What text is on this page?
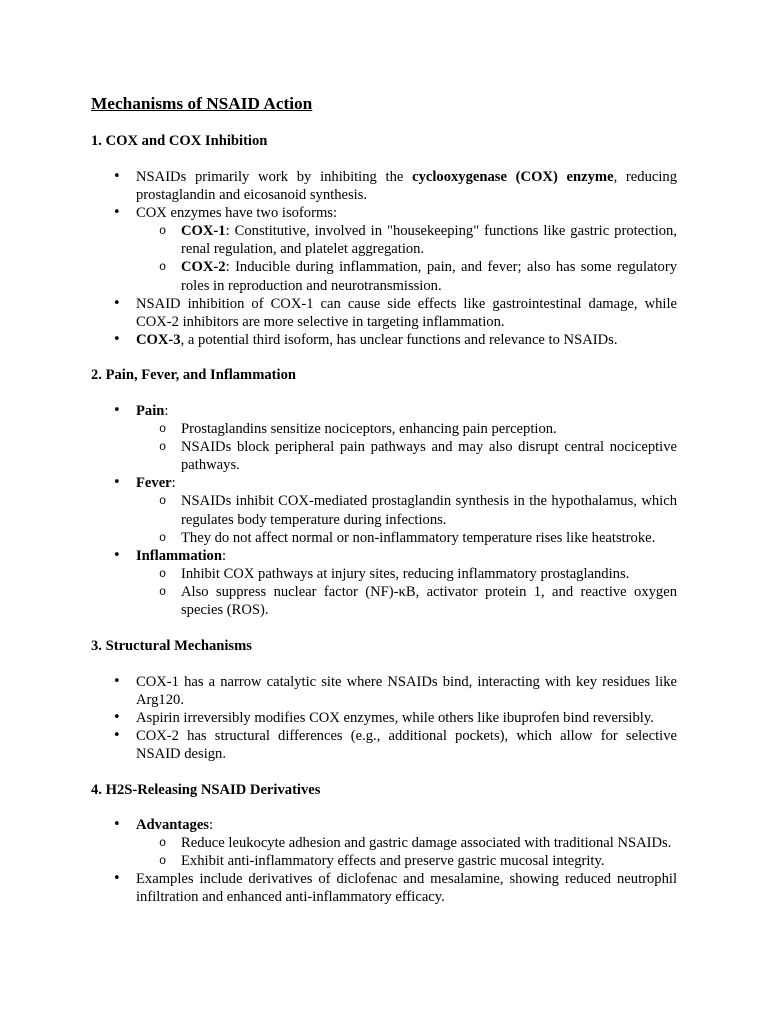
Mechanisms of NSAID Action
1. COX and COX Inhibition
• NSAIDs primarily work by inhibiting the cyclooxygenase (COX) enzyme, reducing prostaglandin and eicosanoid synthesis.
• COX enzymes have two isoforms:
o COX-1: Constitutive, involved in "housekeeping" functions like gastric protection, renal regulation, and platelet aggregation.
o COX-2: Inducible during inflammation, pain, and fever; also has some regulatory roles in reproduction and neurotransmission.
• NSAID inhibition of COX-1 can cause side effects like gastrointestinal damage, while COX-2 inhibitors are more selective in targeting inflammation.
• COX-3, a potential third isoform, has unclear functions and relevance to NSAIDs.
2. Pain, Fever, and Inflammation
• Pain:
o Prostaglandins sensitize nociceptors, enhancing pain perception.
o NSAIDs block peripheral pain pathways and may also disrupt central nociceptive pathways.
• Fever:
o NSAIDs inhibit COX-mediated prostaglandin synthesis in the hypothalamus, which regulates body temperature during infections.
o They do not affect normal or non-inflammatory temperature rises like heatstroke.
• Inflammation:
o Inhibit COX pathways at injury sites, reducing inflammatory prostaglandins.
o Also suppress nuclear factor (NF)-κB, activator protein 1, and reactive oxygen species (ROS).
3. Structural Mechanisms
• COX-1 has a narrow catalytic site where NSAIDs bind, interacting with key residues like Arg120.
• Aspirin irreversibly modifies COX enzymes, while others like ibuprofen bind reversibly.
• COX-2 has structural differences (e.g., additional pockets), which allow for selective NSAID design.
4. H2S-Releasing NSAID Derivatives
• Advantages:
o Reduce leukocyte adhesion and gastric damage associated with traditional NSAIDs.
o Exhibit anti-inflammatory effects and preserve gastric mucosal integrity.
• Examples include derivatives of diclofenac and mesalamine, showing reduced neutrophil infiltration and enhanced anti-inflammatory efficacy.
